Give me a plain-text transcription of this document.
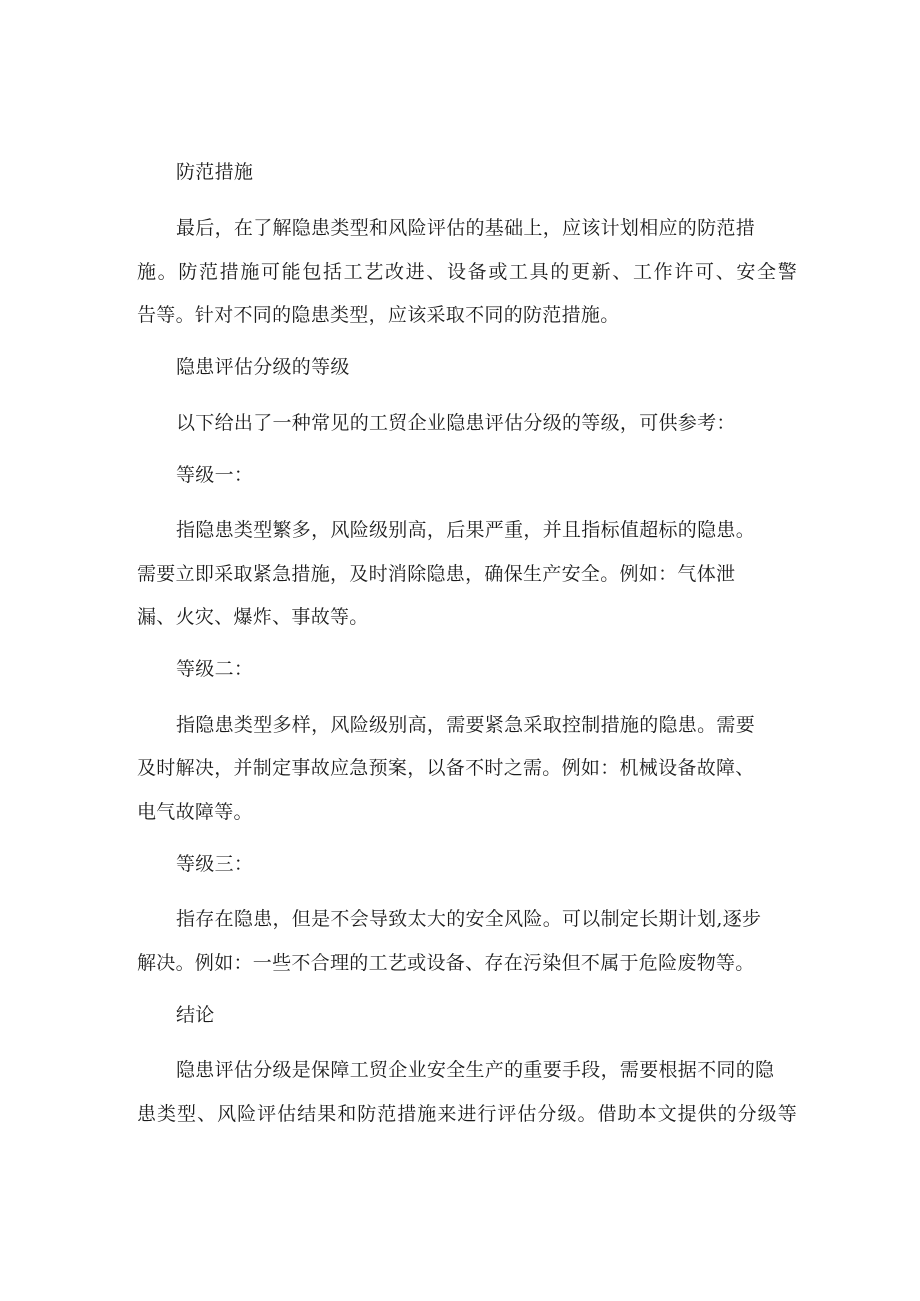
防范措施
最后，在了解隐患类型和风险评估的基础上，应该计划相应的防范措
施。防范措施可能包括工艺改进、设备或工具的更新、工作许可、安全警
告等。针对不同的隐患类型，应该采取不同的防范措施。
隐患评估分级的等级
以下给出了一种常见的工贸企业隐患评估分级的等级，可供参考：
等级一：
指隐患类型繁多，风险级别高，后果严重，并且指标值超标的隐患。
需要立即采取紧急措施，及时消除隐患，确保生产安全。例如：气体泄
漏、火灾、爆炸、事故等。
等级二：
指隐患类型多样，风险级别高，需要紧急采取控制措施的隐患。需要
及时解决，并制定事故应急预案，以备不时之需。例如：机械设备故障、
电气故障等。
等级三：
指存在隐患，但是不会导致太大的安全风险。可以制定长期计划,逐步
解决。例如：一些不合理的工艺或设备、存在污染但不属于危险废物等。
结论
隐患评估分级是保障工贸企业安全生产的重要手段，需要根据不同的隐
患类型、风险评估结果和防范措施来进行评估分级。借助本文提供的分级等
